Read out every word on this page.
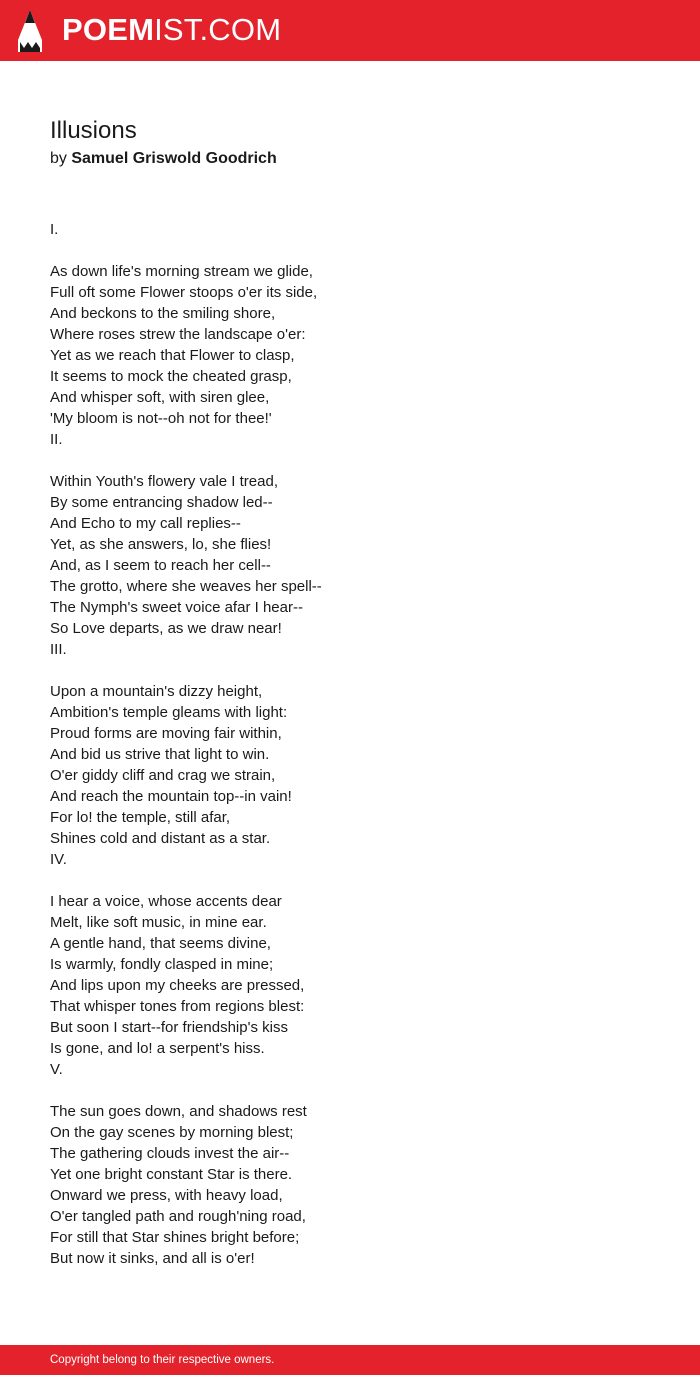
POEMIST.COM
Illusions
by Samuel Griswold Goodrich
I.
As down life's morning stream we glide,
Full oft some Flower stoops o'er its side,
And beckons to the smiling shore,
Where roses strew the landscape o'er:
Yet as we reach that Flower to clasp,
It seems to mock the cheated grasp,
And whisper soft, with siren glee,
'My bloom is not--oh not for thee!'
II.
Within Youth's flowery vale I tread,
By some entrancing shadow led--
And Echo to my call replies--
Yet, as she answers, lo, she flies!
And, as I seem to reach her cell--
The grotto, where she weaves her spell--
The Nymph's sweet voice afar I hear--
So Love departs, as we draw near!
III.
Upon a mountain's dizzy height,
Ambition's temple gleams with light:
Proud forms are moving fair within,
And bid us strive that light to win.
O'er giddy cliff and crag we strain,
And reach the mountain top--in vain!
For lo! the temple, still afar,
Shines cold and distant as a star.
IV.
I hear a voice, whose accents dear
Melt, like soft music, in mine ear.
A gentle hand, that seems divine,
Is warmly, fondly clasped in mine;
And lips upon my cheeks are pressed,
That whisper tones from regions blest:
But soon I start--for friendship's kiss
Is gone, and lo! a serpent's hiss.
V.
The sun goes down, and shadows rest
On the gay scenes by morning blest;
The gathering clouds invest the air--
Yet one bright constant Star is there.
Onward we press, with heavy load,
O'er tangled path and rough'ning road,
For still that Star shines bright before;
But now it sinks, and all is o'er!
Copyright belong to their respective owners.
